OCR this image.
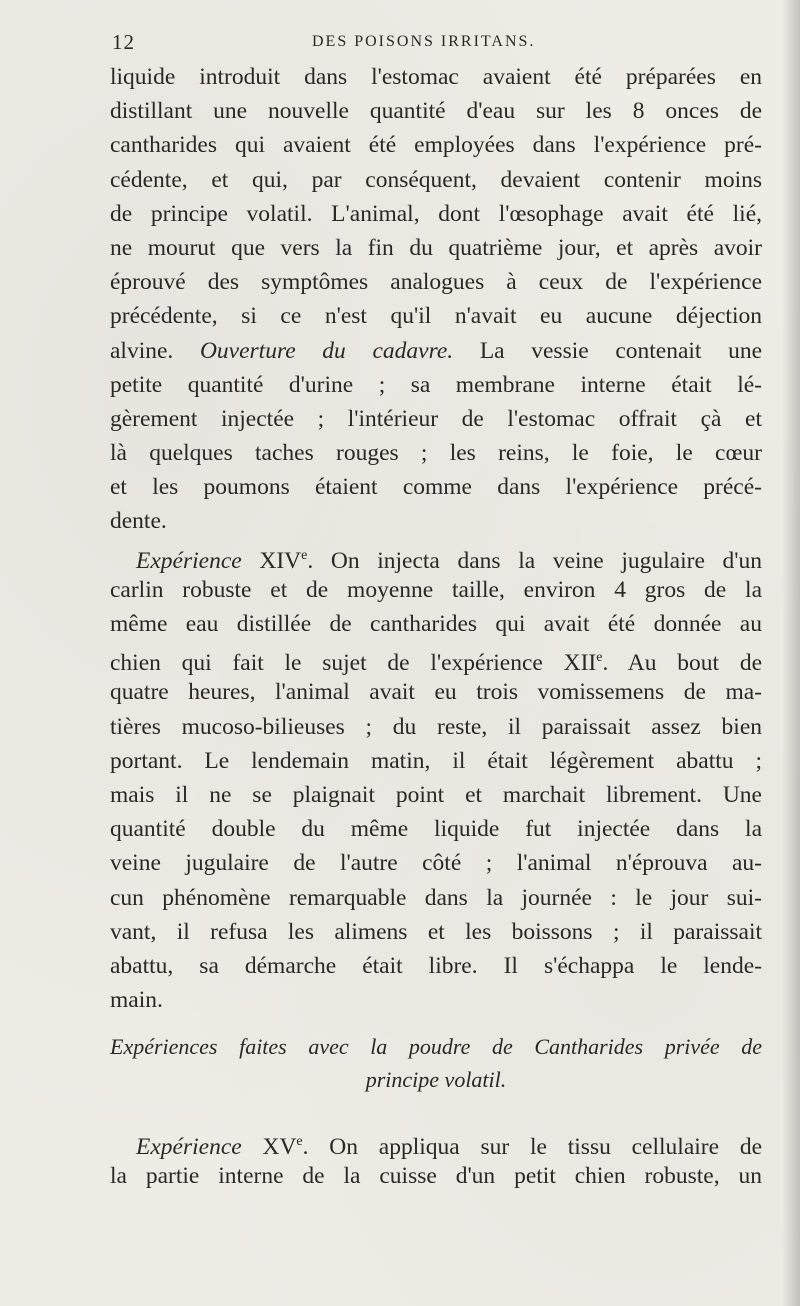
12	DES POISONS IRRITANS.
liquide introduit dans l'estomac avaient été préparées en
distillant une nouvelle quantité d'eau sur les 8 onces de
cantharides qui avaient été employées dans l'expérience pré-
cédente, et qui, par conséquent, devaient contenir moins
de principe volatil. L'animal, dont l'œsophage avait été lié,
ne mourut que vers la fin du quatrième jour, et après avoir
éprouvé des symptômes analogues à ceux de l'expérience
précédente, si ce n'est qu'il n'avait eu aucune déjection
alvine. Ouverture du cadavre. La vessie contenait une
petite quantité d'urine ; sa membrane interne était lé-
gèrement injectée ; l'intérieur de l'estomac offrait çà et
là quelques taches rouges ; les reins, le foie, le cœur
et les poumons étaient comme dans l'expérience précé-
dente.
Expérience XIVe. On injecta dans la veine jugulaire d'un
carlin robuste et de moyenne taille, environ 4 gros de la
même eau distillée de cantharides qui avait été donnée au
chien qui fait le sujet de l'expérience XIIe. Au bout de
quatre heures, l'animal avait eu trois vomissemens de ma-
tières mucoso-bilieuses ; du reste, il paraissait assez bien
portant. Le lendemain matin, il était légèrement abattu ;
mais il ne se plaignait point et marchait librement. Une
quantité double du même liquide fut injectée dans la
veine jugulaire de l'autre côté ; l'animal n'éprouva au-
cun phénomène remarquable dans la journée : le jour sui-
vant, il refusa les alimens et les boissons ; il paraissait
abattu, sa démarche était libre. Il s'échappa le lende-
main.
Expériences faites avec la poudre de Cantharides privée de
principe volatil.
Expérience XVe. On appliqua sur le tissu cellulaire de
la partie interne de la cuisse d'un petit chien robuste, un
